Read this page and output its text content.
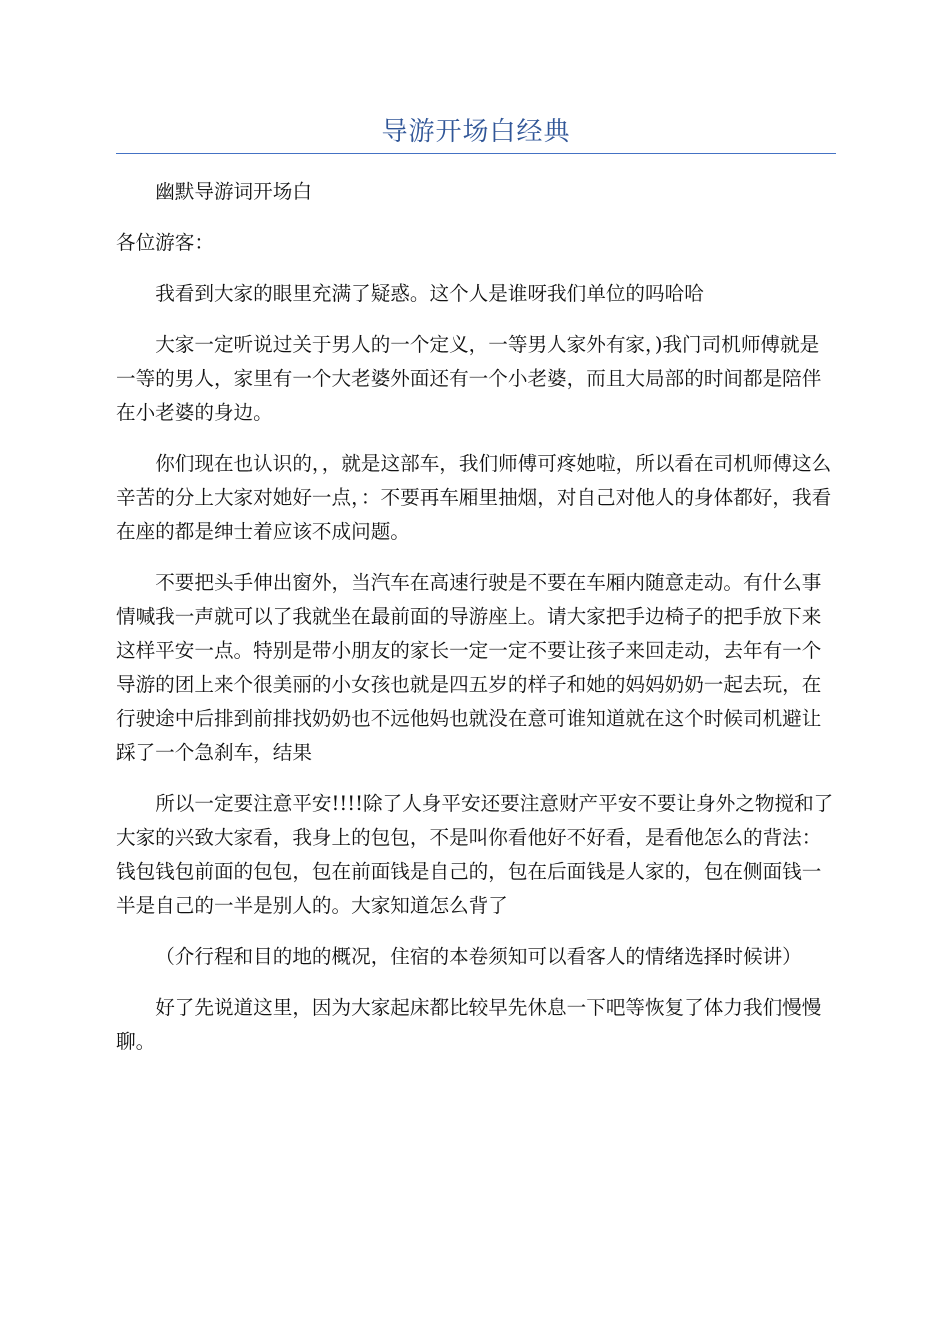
导游开场白经典

幽默导游词开场白

各位游客：

我看到大家的眼里充满了疑惑。这个人是谁呀我们单位的吗哈哈

大家一定听说过关于男人的一个定义，一等男人家外有家，)我门司机师傅就是一等的男人，家里有一个大老婆外面还有一个小老婆，而且大局部的时间都是陪伴在小老婆的身边。

你们现在也认识的，，就是这部车，我们师傅可疼她啦，所以看在司机师傅这么辛苦的分上大家对她好一点，：不要再车厢里抽烟，对自己对他人的身体都好，我看在座的都是绅士着应该不成问题。

不要把头手伸出窗外，当汽车在高速行驶是不要在车厢内随意走动。有什么事情喊我一声就可以了我就坐在最前面的导游座上。请大家把手边椅子的把手放下来这样平安一点。特别是带小朋友的家长一定一定不要让孩子来回走动，去年有一个导游的团上来个很美丽的小女孩也就是四五岁的样子和她的妈妈奶奶一起去玩，在行驶途中后排到前排找奶奶也不远他妈也就没在意可谁知道就在这个时候司机避让踩了一个急刹车，结果

所以一定要注意平安!!!!除了人身平安还要注意财产平安不要让身外之物搅和了大家的兴致大家看，我身上的包包，不是叫你看他好不好看，是看他怎么的背法：钱包钱包前面的包包，包在前面钱是自己的，包在后面钱是人家的，包在侧面钱一半是自己的一半是别人的。大家知道怎么背了

（介行程和目的地的概况，住宿的本卷须知可以看客人的情绪选择时候讲）

好了先说道这里，因为大家起床都比较早先休息一下吧等恢复了体力我们慢慢聊。
